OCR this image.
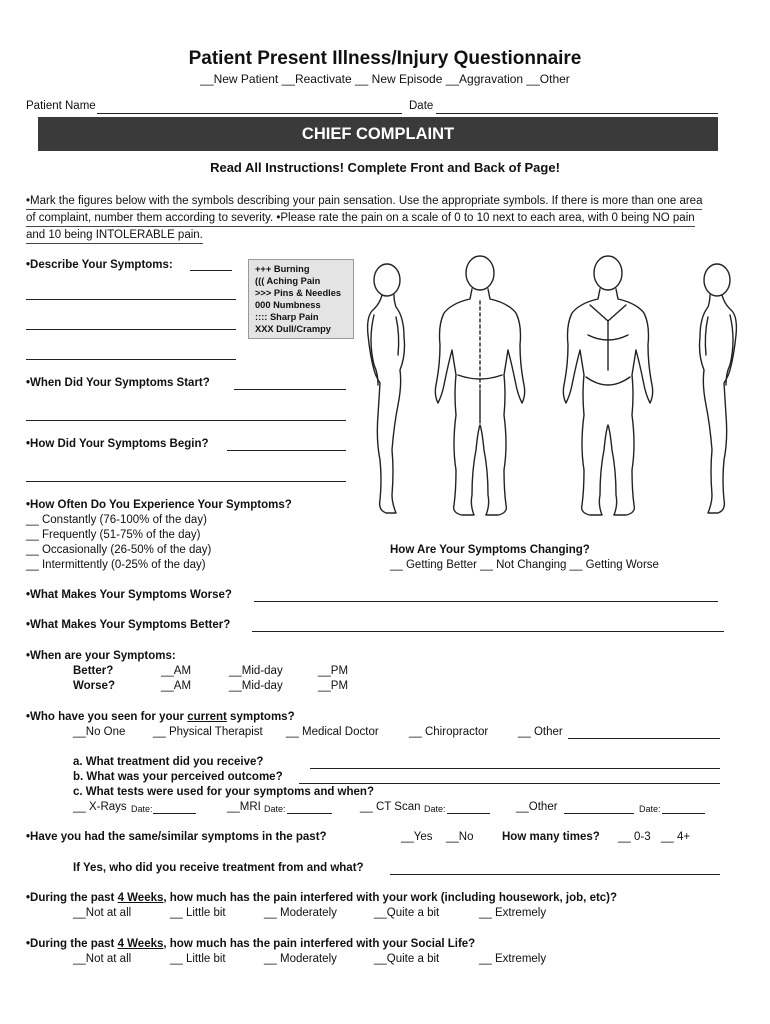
Patient Present Illness/Injury Questionnaire
__New Patient __Reactivate __ New Episode __Aggravation __Other
Patient Name	Date
CHIEF COMPLAINT
Read All Instructions! Complete Front and Back of Page!
•Mark the figures below with the symbols describing your pain sensation. Use the appropriate symbols. If there is more than one area
of complaint, number them according to severity. •Please rate the pain on a scale of 0 to 10 next to each area, with 0 being NO pain
and 10 being INTOLERABLE pain.
•Describe Your Symptoms:	+++ Burning
((( Aching Pain
>>> Pins & Needles
000 Numbness
:::: Sharp Pain
XXX Dull/Crampy
•When Did Your Symptoms Start?
•How Did Your Symptoms Begin?
•How Often Do You Experience Your Symptoms?
__ Constantly (76-100% of the day)
__ Frequently (51-75% of the day)
__ Occasionally (26-50% of the day)
__ Intermittently (0-25% of the day)
How Are Your Symptoms Changing?
__ Getting Better __ Not Changing __ Getting Worse
•What Makes Your Symptoms Worse?
•What Makes Your Symptoms Better?
•When are your Symptoms:
Better?	__AM	__Mid-day	__PM
Worse?	__AM	__Mid-day	__PM
•Who have you seen for your current symptoms?
__No One __ Physical Therapist __ Medical Doctor	__ Chiropractor	__ Other
a. What treatment did you receive?
b. What was your perceived outcome?
c. What tests were used for your symptoms and when?
__ X-Rays Date:	__MRI Date:	__ CT Scan Date:	__Other	Date:
•Have you had the same/similar symptoms in the past?	__Yes __No How many times? __ 0-3 __ 4+
If Yes, who did you receive treatment from and what?
•During the past 4 Weeks, how much has the pain interfered with your work (including housework, job, etc)?
__Not at all	__ Little bit	__ Moderately	__Quite a bit	__ Extremely
•During the past 4 Weeks, how much has the pain interfered with your Social Life?
__Not at all	__ Little bit	__ Moderately	__Quite a bit	__ Extremely
